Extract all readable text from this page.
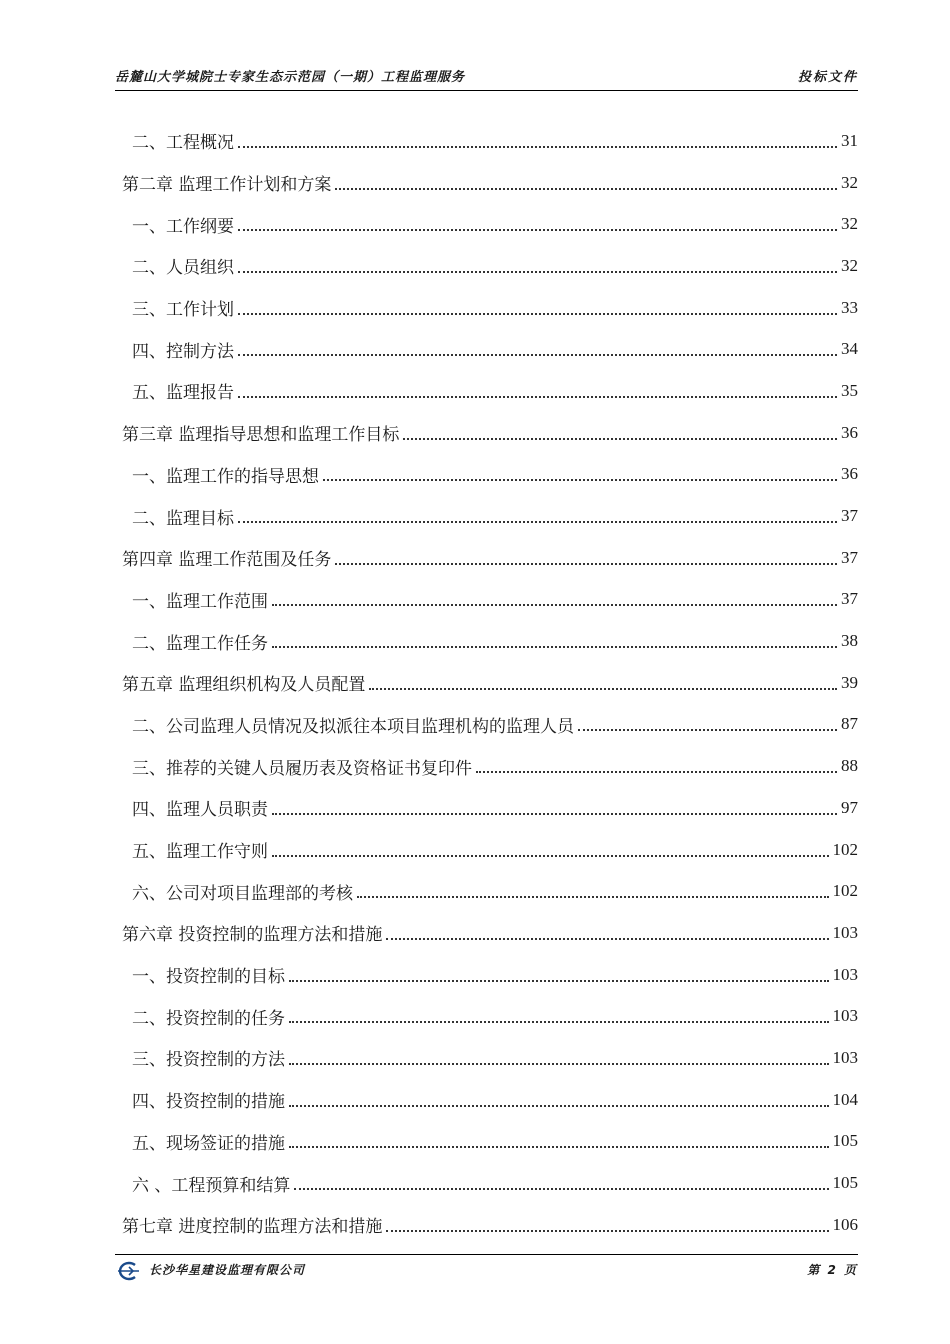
岳麓山大学城院士专家生态示范园（一期）工程监理服务	投标文件
二、工程概况	31
第二章 监理工作计划和方案	32
一、工作纲要	32
二、人员组织	32
三、工作计划	33
四、控制方法	34
五、监理报告	35
第三章 监理指导思想和监理工作目标	36
一、监理工作的指导思想	36
二、监理目标	37
第四章 监理工作范围及任务	37
一、监理工作范围	37
二、监理工作任务	38
第五章 监理组织机构及人员配置	39
二、公司监理人员情况及拟派往本项目监理机构的监理人员	87
三、推荐的关键人员履历表及资格证书复印件	88
四、监理人员职责	97
五、监理工作守则	102
六、公司对项目监理部的考核	102
第六章 投资控制的监理方法和措施	103
一、投资控制的目标	103
二、投资控制的任务	103
三、投资控制的方法	103
四、投资控制的措施	104
五、现场签证的措施	105
六 、工程预算和结算	105
第七章 进度控制的监理方法和措施	106
长沙华星建设监理有限公司	第 2 页
